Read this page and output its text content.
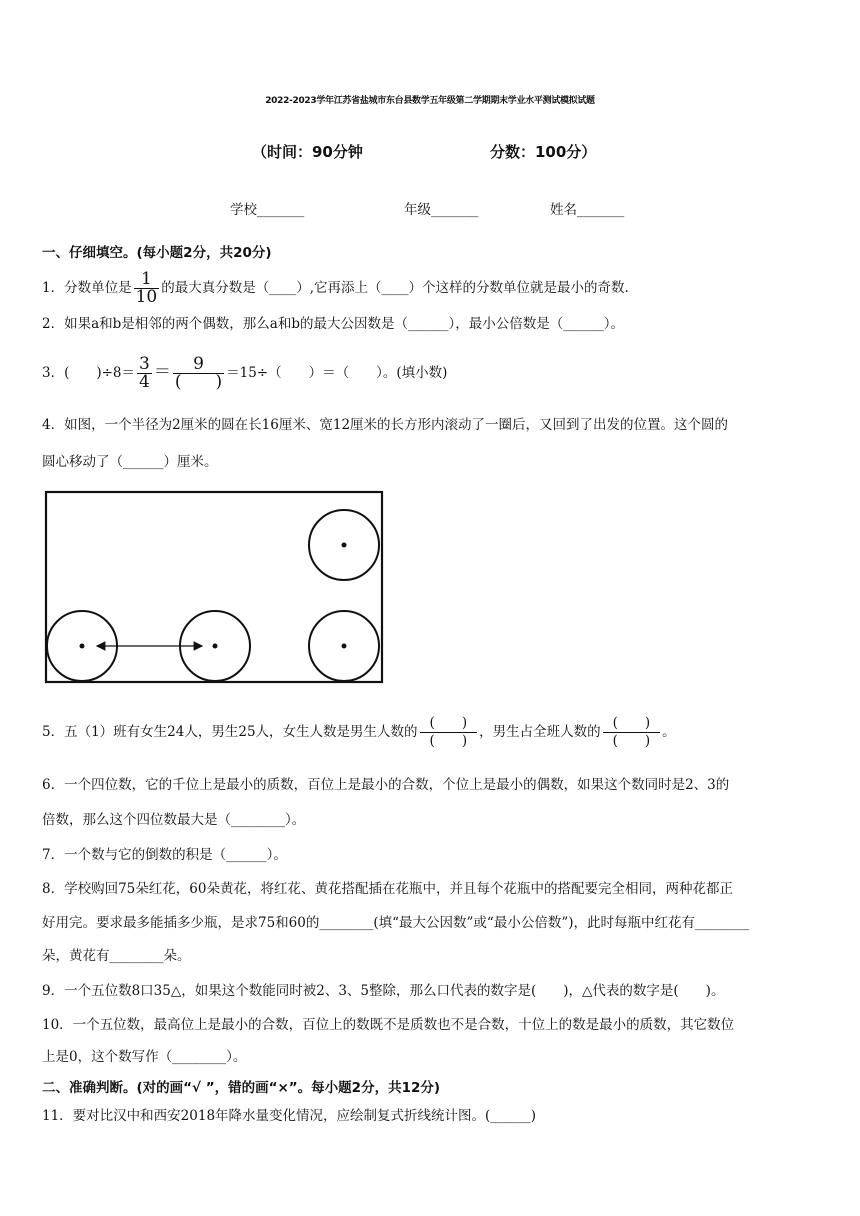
2022-2023学年江苏省盐城市东台县数学五年级第二学期期末学业水平测试模拟试题
（时间：90分钟	分数：100分）
学校_______	年级_______	姓名_______
一、仔细填空。(每小题2分，共20分)
1．分数单位是 $\frac{1}{10}$ 的最大真分数是（____）,它再添上（____）个这样的分数单位就是最小的奇数.
2．如果a和b是相邻的两个偶数，那么a和b的最大公因数是（______），最小公倍数是（______）。
3．(　　)$\div 8= \frac{3}{4} = \frac{9}{( )} =15\div$（　　）＝（　　）。(填小数)
4．如图，一个半径为2厘米的圆在长16厘米、宽12厘米的长方形内滚动了一圈后，又回到了出发的位置。这个圆的
圆心移动了（______）厘米。
5．五（1）班有女生24人，男生25人，女生人数是男生人数的 $\frac{( )}{( )}$ ，男生占全班人数的 $\frac{( )}{( )}$ 。
6．一个四位数，它的千位上是最小的质数，百位上是最小的合数，个位上是最小的偶数，如果这个数同时是2、3的
倍数，那么这个四位数最大是（________）。
7．一个数与它的倒数的积是（______）。
8．学校购回75朵红花，60朵黄花，将红花、黄花搭配插在花瓶中，并且每个花瓶中的搭配要完全相同，两种花都正
好用完。要求最多能插多少瓶，是求75和60的________(填“最大公因数”或“最小公倍数”)，此时每瓶中红花有________
朵，黄花有________朵。
9．一个五位数8口35△，如果这个数能同时被2、3、5整除，那么口代表的数字是(　　)，△代表的数字是(　　)。
10．一个五位数，最高位上是最小的合数，百位上的数既不是质数也不是合数，十位上的数是最小的质数，其它数位
上是0，这个数写作（________）。
二、准确判断。(对的画“√ ”，错的画“×”。每小题2分，共12分)
11．要对比汉中和西安2018年降水量变化情况，应绘制复式折线统计图。(______)
